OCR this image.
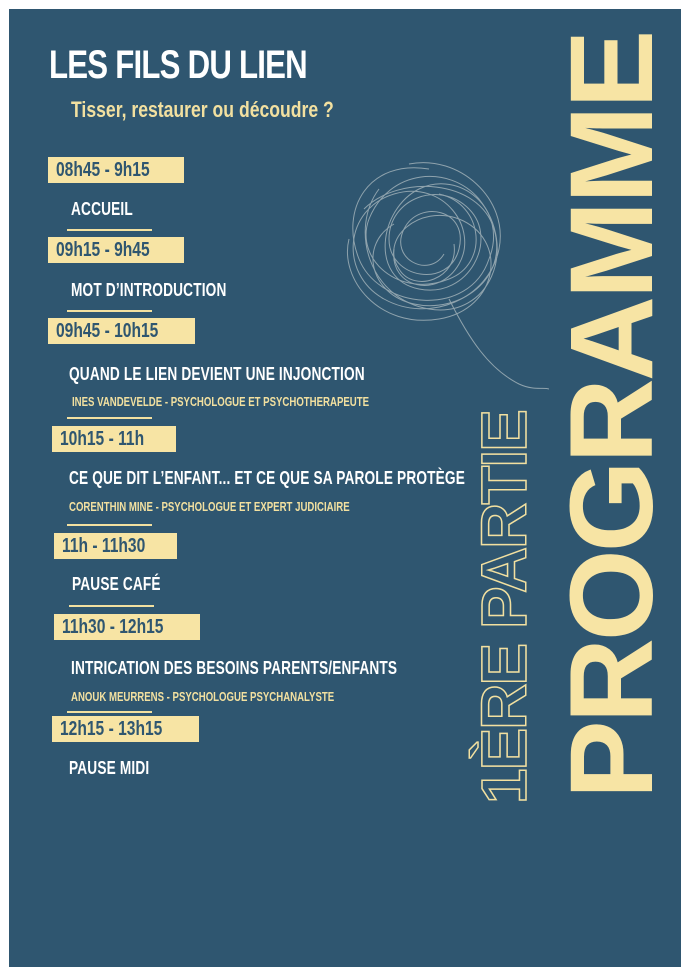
LES FILS DU LIEN

Tisser, restaurer ou découdre ?

08h45 - 9h15
ACCUEIL
09h15 - 9h45
MOT D’INTRODUCTION
09h45 - 10h15
QUAND LE LIEN DEVIENT UNE INJONCTION
INES VANDEVELDE - PSYCHOLOGUE ET PSYCHOTHERAPEUTE
10h15 - 11h
CE QUE DIT L’ENFANT... ET CE QUE SA PAROLE PROTÈGE
CORENTHIN MINE - PSYCHOLOGUE ET EXPERT JUDICIAIRE
11h - 11h30
PAUSE CAFÉ
11h30 - 12h15
INTRICATION DES BESOINS PARENTS/ENFANTS
ANOUK MEURRENS - PSYCHOLOGUE PSYCHANALYSTE
12h15 - 13h15
PAUSE MIDI	1ÈRE PARTIE PROGRAMME
